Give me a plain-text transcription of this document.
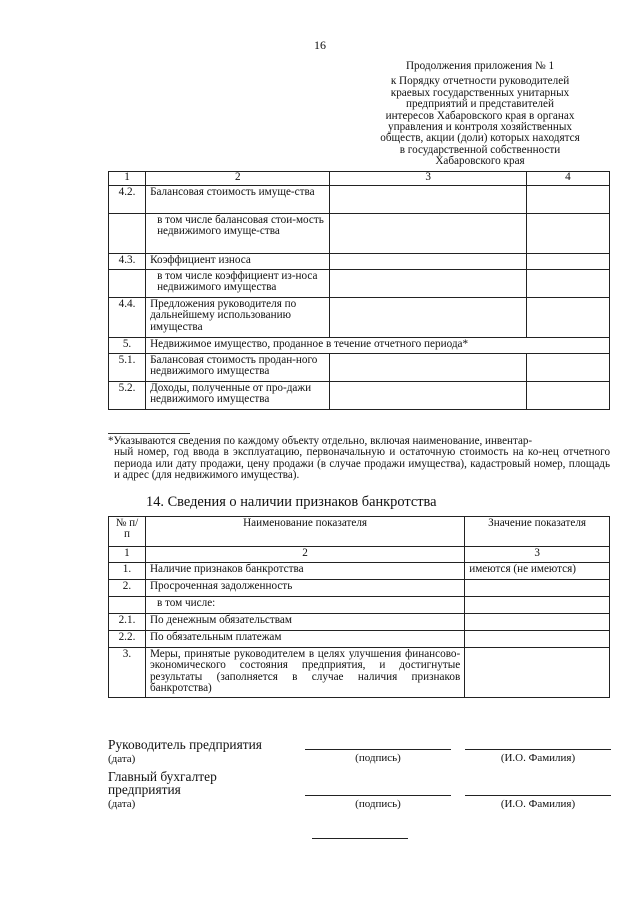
16
Продолжения приложения № 1
к Порядку отчетности руководителей
краевых государственных унитарных
предприятий и представителей
интересов Хабаровского края в органах
управления и контроля хозяйственных
обществ, акции (доли) которых находятся
в государственной собственности
Хабаровского края
1	2	3	4
4.2.	Балансовая стоимость имуще-ства		
	в том числе балансовая стои-мость недвижимого имуще-ства		
4.3.	Коэффициент износа		
	в том числе коэффициент из-носа недвижимого имущества		
4.4.	Предложения руководителя по дальнейшему использованию имущества		
5.	Недвижимое имущество, проданное в течение отчетного периода*		
5.1.	Балансовая стоимость продан-ного недвижимого имущества		
5.2.	Доходы, полученные от про-дажи недвижимого имущества		
*Указываются сведения по каждому объекту отдельно, включая наименование, инвентар-
ный номер, год ввода в эксплуатацию, первоначальную и остаточную стоимость на ко-нец отчетного периода или дату продажи, цену продажи (в случае продажи имущества), кадастровый номер, площадь и адрес (для недвижимого имущества).
14. Сведения о наличии признаков банкротства
№ п/п	Наименование показателя	Значение показателя
1	2	3
1.	Наличие признаков банкротства	имеются (не имеются)
2.	Просроченная задолженность	
	в том числе:	
2.1.	По денежным обязательствам	
2.2.	По обязательным платежам	
3.	Меры, принятые руководителем в целях улучшения финансово-экономического состояния предприятия, и достигнутые результаты (заполняется в случае наличия признаков банкротства)	
Руководитель предприятия
(дата)	(подпись)	(И.О. Фамилия)
Главный бухгалтер предприятия
(дата)	(подпись)	(И.О. Фамилия)
